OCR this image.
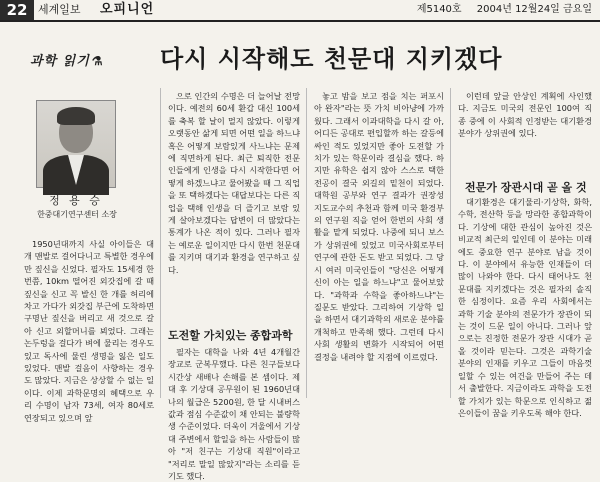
22 세계일보 오피니언	제5140호 2004년 12월24일 금요일
과학 읽기 ⚗ 다시 시작해도 천문대 지키겠다
정 용 승
한중대기연구센터 소장

1950년대까지 사실 아이들은 대개 맨발로 걸어다니고 특별한 경우에만 짚신을 신었다. 필자도 15세경 한번쯤, 10km 떨어진 외갓집에 갈 때 짚신을 신고 꼭 발신 한 개를 허리에 차고 가다가 외갓집 부근에 도착하면 구명난 짚신을 버리고 새 것으로 갈아 신고 외할머니를 뵈었다. 그래는 논두렁을 걸다가 벼에 물리는 경우도 있고 독사에 물린 생명을 잃은 일도 있었다. 맨발 걸음이 사향하는 경우도 많았다. 지금은 상상할 수 없는 일이다. 이제 과학문명의 혜택으로 우리 수명이 남자 73세, 여자 80세로 연장되고 있으며 앞

으로 인간의 수명은 더 늘어날 전망이다. 예전의 60세 환갑 대신 100세를 축복 할 날이 멀지 않았다. 이렇게 오랫동안 삶게 되면 어떤 일을 하느냐 혹은 어떻게 보람있게 사느냐는 문제에 직면하게 된다. 최근 퇴직한 전문인들에게 인생을 다시 시작한다면 어떻게 하겠느냐고 물어봤을 때 그 직업을 또 택하겠다는 대답보다는 다른 직업을 택해 인생을 더 즐기고 보람 있게 살아보겠다는 답변이 더 많았다는 통계가 나온 적이 있다. 그러나 필자는 예로운 일이지만 다시 한번 천문대를 지키며 대기과 환경을 연구하고 싶다.

도전할 가치있는 종합과학

필자는 대학을 나와 4년 4개월간 장교로 군복무했다. 다른 친구들보다 시간상 새배나 손해를 본 셈이다. 제대 후 기상대 공무원이 된 1960년대 나의 월급은 5200원, 한 달 시내버스값과 점심 수준값이 채 안되는 불량학생 수준이었다. 더욱이 겨울에서 기상대 주변에서 할일을 하는 사람들이 많아 "저 친구는 기상대 직원"이라고 "저리로 말일 많았지"라는 소리를 듣기도 했다.

놓고 밤을 보고 점을 치는 퍼포시아 완자"라는 뜻 가치 비아냥에 가까웠다. 그래서 이과대학을 다시 갈 아, 어디든 공대로 편입할까 하는 갈등에 싸인 적도 있었지만 좋아 도전할 가치가 있는 학문이라 결심을 했다. 하지만 유학은 쉽지 않아 스스로 택한 전공이 결국 외길의 밑천이 되었다. 대학원 공부와 연구 결과가 권장성 지도교수의 추천과 함께 미국 환경부의 연구원 직을 얻어 한번의 사회 생활을 맡게 되었다. 나중에 되니 보스가 상위권에 있었고 미국사회로부터 연구에 관한 돈도 받고 되었다. 그 당시 여러 미국인들이 "당신은 어떻게 신이 아는 일을 하느냐"고 물어보았다. "과학과 수학을 좋아하느냐"는 질문도 받았다. 그리하여 기상학 일을 하면서 대기과학의 새로운 분야를 개척하고 만족해 했다. 그런데 다시 사회 생활의 변화가 시작되어 어떤 결정을 내려야 할 지점에 이르렀다.

이런데 앞글 안상인 계획에 사인했다. 지금도 미국의 전문인 100여 직종 중에 이 사회적 인정받는 대기환경 분야가 상위권에 있다.

전문가 장관시대 곧 올 것

대기환경은 대기물리·기상학, 화학, 수학, 전산학 등을 망라한 종합과학이다. 기상에 대한 관심이 높아진 것은 비교적 최근의 일인데 이 분야는 미래에도 중요한 연구 분야로 남을 것이다. 이 분야에서 유능한 인재들이 더 많이 나와야 한다. 다시 태어나도 천문대를 지키겠다는 것은 필자의 솔직한 심정이다. 요즘 우리 사회에서는 과학 기술 분야의 전문가가 장관이 되는 것이 드문 일이 아니다. 그러나 앞으로는 진정한 전문가 장관 시대가 곧 올 것이라 믿는다. 그것은 과학기술 분야의 인재를 키우고 그들이 마음껏 일할 수 있는 여건을 만들어 주는 데서 출발한다. 지금이라도 과학을 도전할 가치가 있는 학문으로 인식하고 젊은이들이 꿈을 키우도록 해야 한다.
